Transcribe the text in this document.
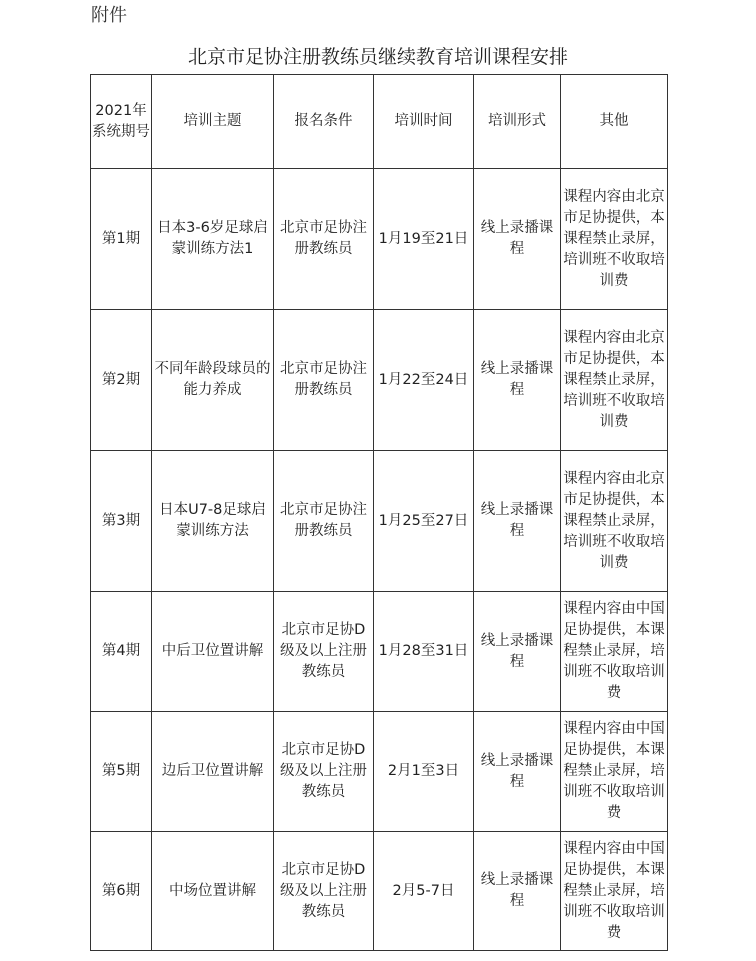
附件
北京市足协注册教练员继续教育培训课程安排
2021年系统期号	培训主题	报名条件	培训时间	培训形式	其他
第1期	日本3-6岁足球启蒙训练方法1	北京市足协注册教练员	1月19至21日	线上录播课程	课程内容由北京市足协提供，本课程禁止录屏，培训班不收取培训费
第2期	不同年龄段球员的能力养成	北京市足协注册教练员	1月22至24日	线上录播课程	课程内容由北京市足协提供，本课程禁止录屏，培训班不收取培训费
第3期	日本U7-8足球启蒙训练方法	北京市足协注册教练员	1月25至27日	线上录播课程	课程内容由北京市足协提供，本课程禁止录屏，培训班不收取培训费
第4期	中后卫位置讲解	北京市足协D级及以上注册教练员	1月28至31日	线上录播课程	课程内容由中国足协提供，本课程禁止录屏，培训班不收取培训费
第5期	边后卫位置讲解	北京市足协D级及以上注册教练员	2月1至3日	线上录播课程	课程内容由中国足协提供，本课程禁止录屏，培训班不收取培训费
第6期	中场位置讲解	北京市足协D级及以上注册教练员	2月5-7日	线上录播课程	课程内容由中国足协提供，本课程禁止录屏，培训班不收取培训费
